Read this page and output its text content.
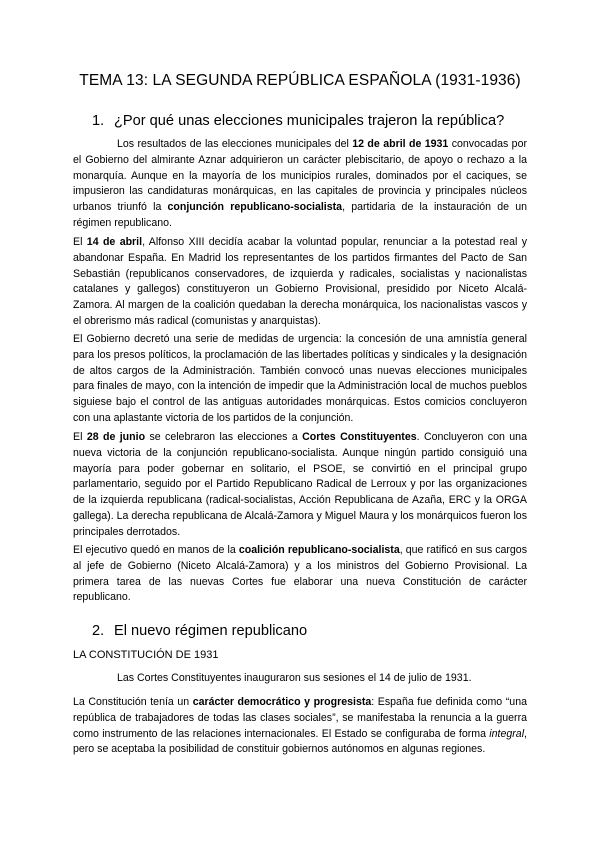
TEMA 13: LA SEGUNDA REPÚBLICA ESPAÑOLA (1931-1936)
1. ¿Por qué unas elecciones municipales trajeron la república?

Los resultados de las elecciones municipales del 12 de abril de 1931 convocadas por el Gobierno del almirante Aznar adquirieron un carácter plebiscitario, de apoyo o rechazo a la monarquía. Aunque en la mayoría de los municipios rurales, dominados por el caciques, se impusieron las candidaturas monárquicas, en las capitales de provincia y principales núcleos urbanos triunfó la conjunción republicano-socialista, partidaria de la instauración de un régimen republicano.

El 14 de abril, Alfonso XIII decidía acabar la voluntad popular, renunciar a la potestad real y abandonar España. En Madrid los representantes de los partidos firmantes del Pacto de San Sebastián (republicanos conservadores, de izquierda y radicales, socialistas y nacionalistas catalanes y gallegos) constituyeron un Gobierno Provisional, presidido por Niceto Alcalá-Zamora. Al margen de la coalición quedaban la derecha monárquica, los nacionalistas vascos y el obrerismo más radical (comunistas y anarquistas).

El Gobierno decretó una serie de medidas de urgencia: la concesión de una amnistía general para los presos políticos, la proclamación de las libertades políticas y sindicales y la designación de altos cargos de la Administración. También convocó unas nuevas elecciones municipales para finales de mayo, con la intención de impedir que la Administración local de muchos pueblos siguiese bajo el control de las antiguas autoridades monárquicas. Estos comicios concluyeron con una aplastante victoria de los partidos de la conjunción.

El 28 de junio se celebraron las elecciones a Cortes Constituyentes. Concluyeron con una nueva victoria de la conjunción republicano-socialista. Aunque ningún partido consiguió una mayoría para poder gobernar en solitario, el PSOE, se convirtió en el principal grupo parlamentario, seguido por el Partido Republicano Radical de Lerroux y por las organizaciones de la izquierda republicana (radical-socialistas, Acción Republicana de Azaña, ERC y la ORGA gallega). La derecha republicana de Alcalá-Zamora y Miguel Maura y los monárquicos fueron los principales derrotados.

El ejecutivo quedó en manos de la coalición republicano-socialista, que ratificó en sus cargos al jefe de Gobierno (Niceto Alcalá-Zamora) y a los ministros del Gobierno Provisional. La primera tarea de las nuevas Cortes fue elaborar una nueva Constitución de carácter republicano.

2. El nuevo régimen republicano
LA CONSTITUCIÓN DE 1931

Las Cortes Constituyentes inauguraron sus sesiones el 14 de julio de 1931.

La Constitución tenía un carácter democrático y progresista: España fue definida como “una república de trabajadores de todas las clases sociales”, se manifestaba la renuncia a la guerra como instrumento de las relaciones internacionales. El Estado se configuraba de forma integral, pero se aceptaba la posibilidad de constituir gobiernos autónomos en algunas regiones.
